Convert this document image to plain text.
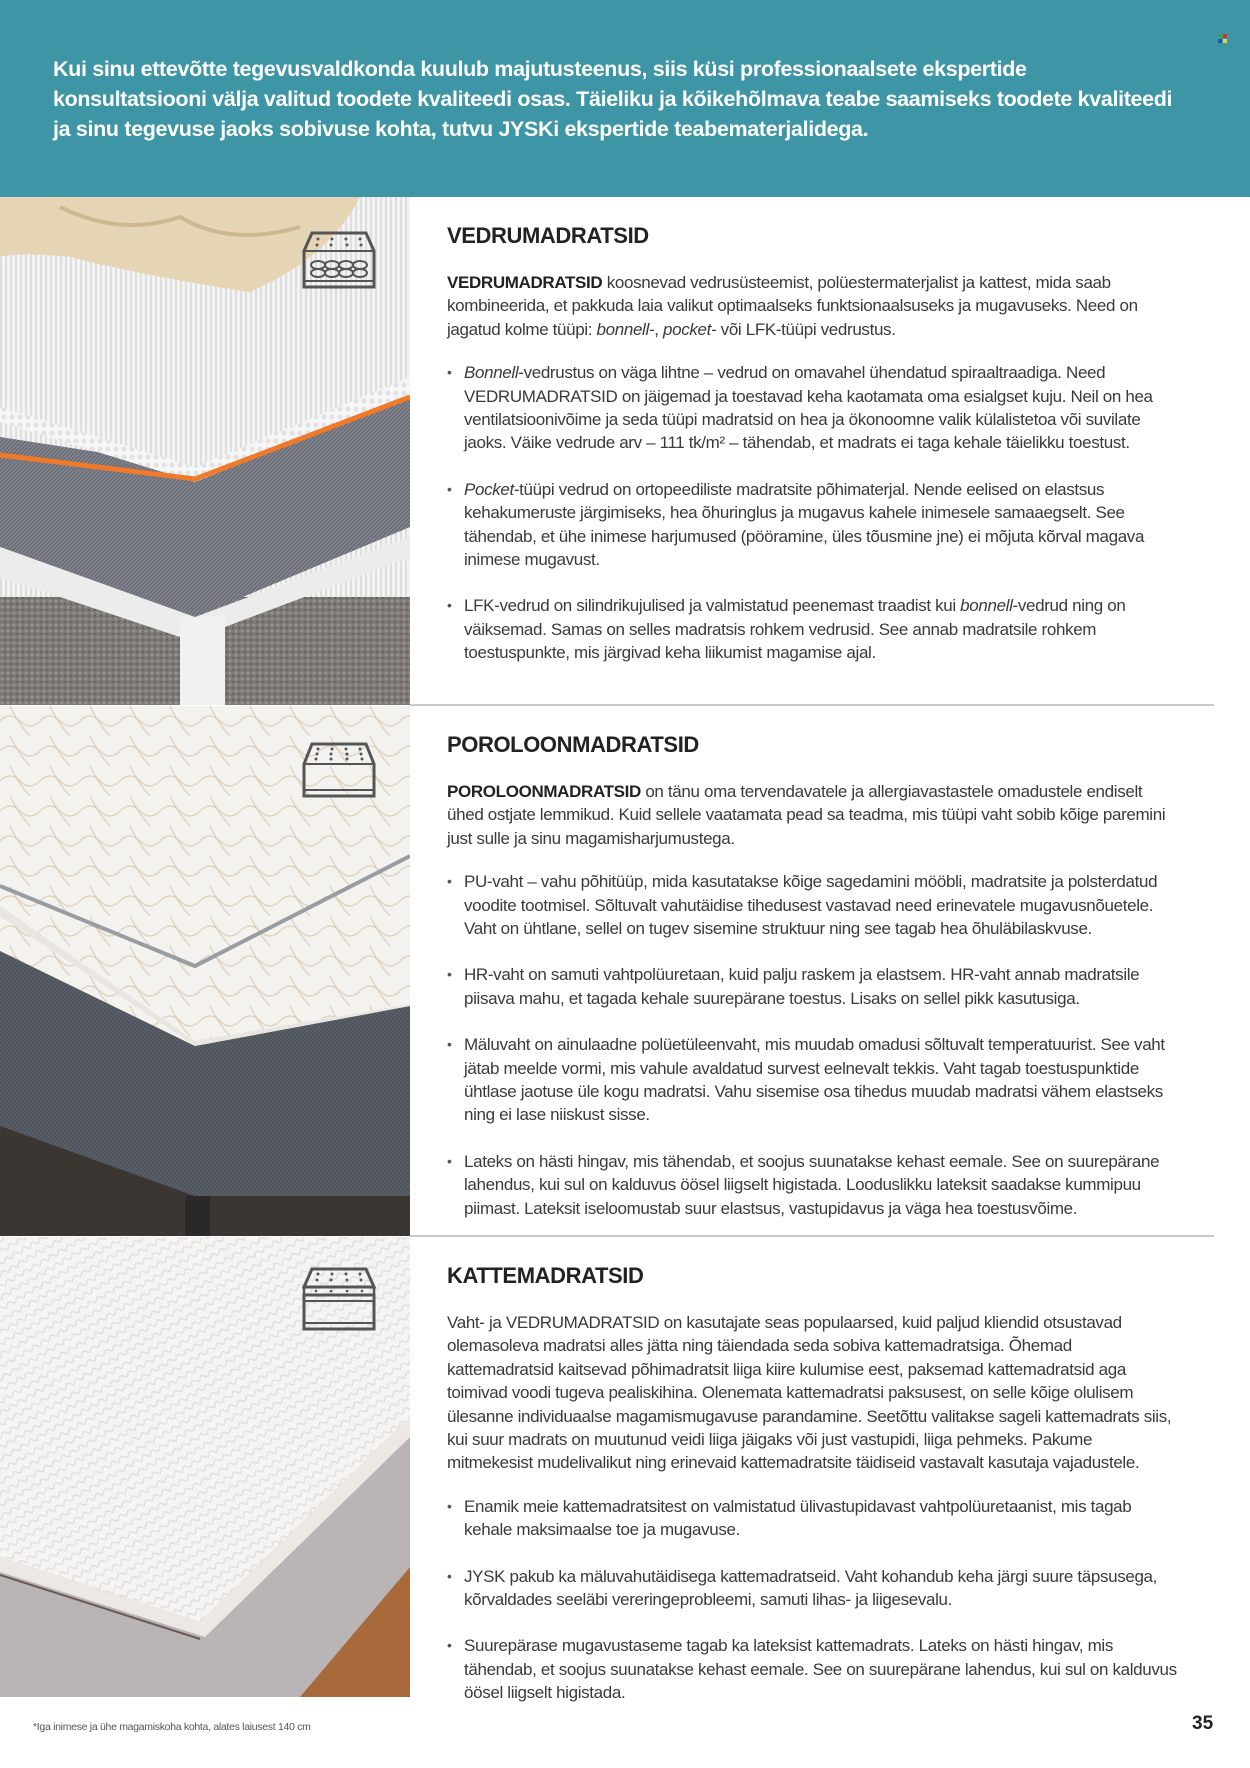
Kui sinu ettevõtte tegevusvaldkonda kuulub majutusteenus, siis küsi professionaalsete ekspertide konsultatsiooni välja valitud toodete kvaliteedi osas. Täieliku ja kõikehõlmava teabe saamiseks toodete kvaliteedi ja sinu tegevuse jaoks sobivuse kohta, tutvu JYSKi ekspertide teabematerjalidega.

VEDRUMADRATSID

VEDRUMADRATSID koosnevad vedrusüsteemist, polüestermaterjalist ja kattest, mida saab kombineerida, et pakkuda laia valikut optimaalseks funktsionaalsuseks ja mugavuseks. Need on jagatud kolme tüüpi: bonnell-, pocket- või LFK-tüüpi vedrustus.

• Bonnell-vedrustus on väga lihtne – vedrud on omavahel ühendatud spiraaltraadiga. Need VEDRUMADRATSID on jäigemad ja toestavad keha kaotamata oma esialgset kuju. Neil on hea ventilatsioonivõime ja seda tüüpi madratsid on hea ja ökonoomne valik külalistetoa või suvilate jaoks. Väike vedrude arv – 111 tk/m² – tähendab, et madrats ei taga kehale täielikku toestust.
• Pocket-tüüpi vedrud on ortopeediliste madratsite põhimaterjal. Nende eelised on elastsus kehakumeruste järgimiseks, hea õhuringlus ja mugavus kahele inimesele samaaegselt. See tähendab, et ühe inimese harjumused (pööramine, üles tõusmine jne) ei mõjuta kõrval magava inimese mugavust.
• LFK-vedrud on silindrikujulised ja valmistatud peenemast traadist kui bonnell-vedrud ning on väiksemad. Samas on selles madratsis rohkem vedrusid. See annab madratsile rohkem toestuspunkte, mis järgivad keha liikumist magamise ajal.
POROLOONMADRATSID

POROLOONMADRATSID on tänu oma tervendavatele ja allergiavastastele omadustele endiselt ühed ostjate lemmikud. Kuid sellele vaatamata pead sa teadma, mis tüüpi vaht sobib kõige paremini just sulle ja sinu magamisharjumustega.

• PU-vaht – vahu põhitüüp, mida kasutatakse kõige sagedamini mööbli, madratsite ja polsterdatud voodite tootmisel. Sõltuvalt vahutäidise tihedusest vastavad need erinevatele mugavusnõuetele. Vaht on ühtlane, sellel on tugev sisemine struktuur ning see tagab hea õhuläbilaskvuse.
• HR-vaht on samuti vahtpolüuretaan, kuid palju raskem ja elastsem. HR-vaht annab madratsile piisava mahu, et tagada kehale suurepärane toestus. Lisaks on sellel pikk kasutusiga.
• Mäluvaht on ainulaadne polüetüleenvaht, mis muudab omadusi sõltuvalt temperatuurist. See vaht jätab meelde vormi, mis vahule avaldatud survest eelnevalt tekkis. Vaht tagab toestuspunktide ühtlase jaotuse üle kogu madratsi. Vahu sisemise osa tihedus muudab madratsi vähem elastseks ning ei lase niiskust sisse.
• Lateks on hästi hingav, mis tähendab, et soojus suunatakse kehast eemale. See on suurepärane lahendus, kui sul on kalduvus öösel liigselt higistada. Looduslikku lateksit saadakse kummipuu piimast. Lateksit iseloomustab suur elastsus, vastupidavus ja väga hea toestusvõime.
KATTEMADRATSID

Vaht- ja VEDRUMADRATSID on kasutajate seas populaarsed, kuid paljud kliendid otsustavad olemasoleva madratsi alles jätta ning täiendada seda sobiva kattemadratsiga. Õhemad kattemadratsid kaitsevad põhimadratsit liiga kiire kulumise eest, paksemad kattemadratsid aga toimivad voodi tugeva pealiskihina. Olenemata kattemadratsi paksusest, on selle kõige olulisem ülesanne individuaalse magamismugavuse parandamine. Seetõttu valitakse sageli kattemadrats siis, kui suur madrats on muutunud veidi liiga jäigaks või just vastupidi, liiga pehmeks. Pakume mitmekesist mudelivalikut ning erinevaid kattemadratsite täidiseid vastavalt kasutaja vajadustele.

• Enamik meie kattemadratsitest on valmistatud ülivastupidavast vahtpolüuretaanist, mis tagab kehale maksimaalse toe ja mugavuse.
• JYSK pakub ka mäluvahutäidisega kattemadratseid. Vaht kohandub keha järgi suure täpsusega, kõrvaldades seeläbi vereringeprobleemi, samuti lihas- ja liigesevalu.
• Suurepärase mugavustaseme tagab ka lateksist kattemadrats. Lateks on hästi hingav, mis tähendab, et soojus suunatakse kehast eemale. See on suurepärane lahendus, kui sul on kalduvus öösel liigselt higistada.
*Iga inimese ja ühe magamiskoha kohta, alates laiusest 140 cm	35
